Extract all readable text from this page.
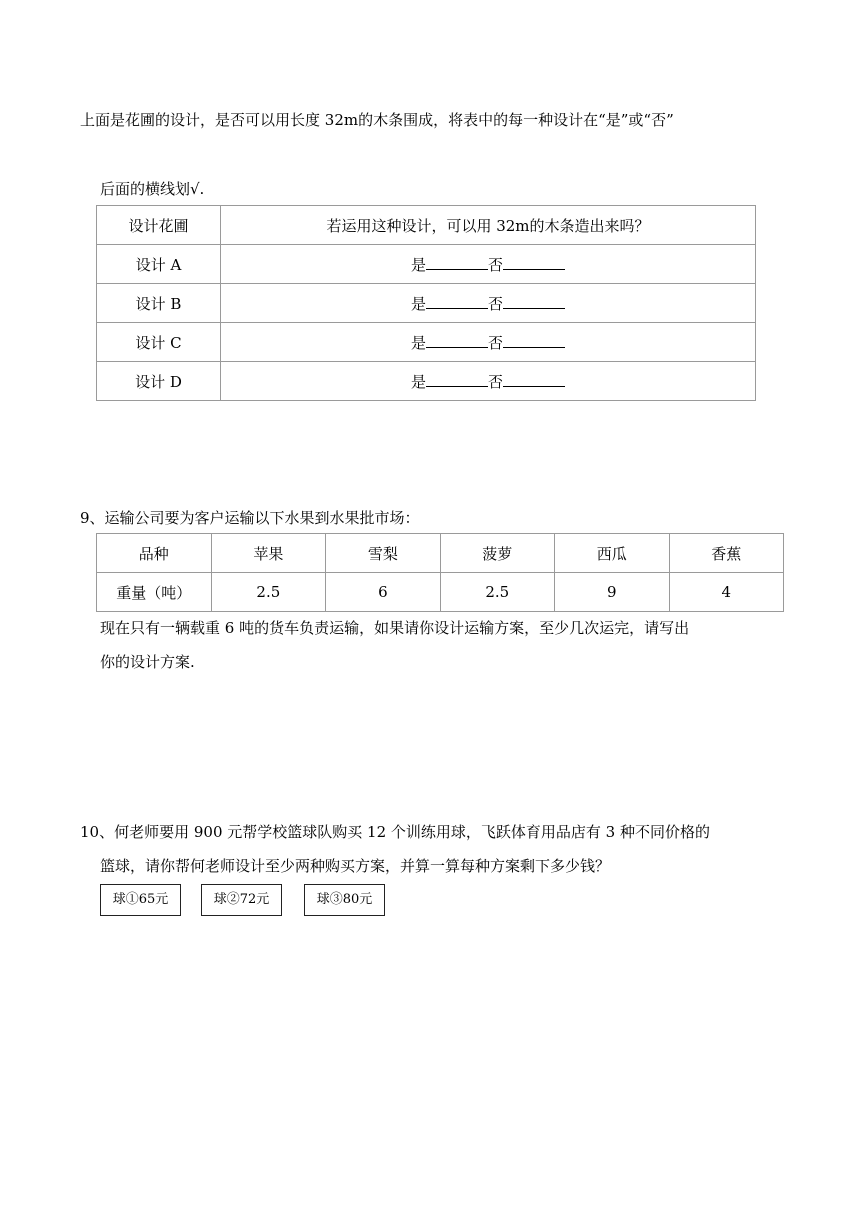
上面是花圃的设计，是否可以用长度 32m的木条围成，将表中的每一种设计在“是”或“否”
后面的横线划√.
设计花圃	若运用这种设计，可以用 32m的木条造出来吗？
设计 A	是 否
设计 B	是 否
设计 C	是 否
设计 D	是 否
9、运输公司要为客户运输以下水果到水果批市场：
品种	苹果	雪梨	菠萝	西瓜	香蕉
重量（吨）	2.5	6	2.5	9	4
现在只有一辆载重 6 吨的货车负责运输，如果请你设计运输方案，至少几次运完，请写出
你的设计方案.
10、何老师要用 900 元帮学校篮球队购买 12 个训练用球，飞跃体育用品店有 3 种不同价格的
篮球，请你帮何老师设计至少两种购买方案，并算一算每种方案剩下多少钱？
球①65元	球②72元	球③80元
